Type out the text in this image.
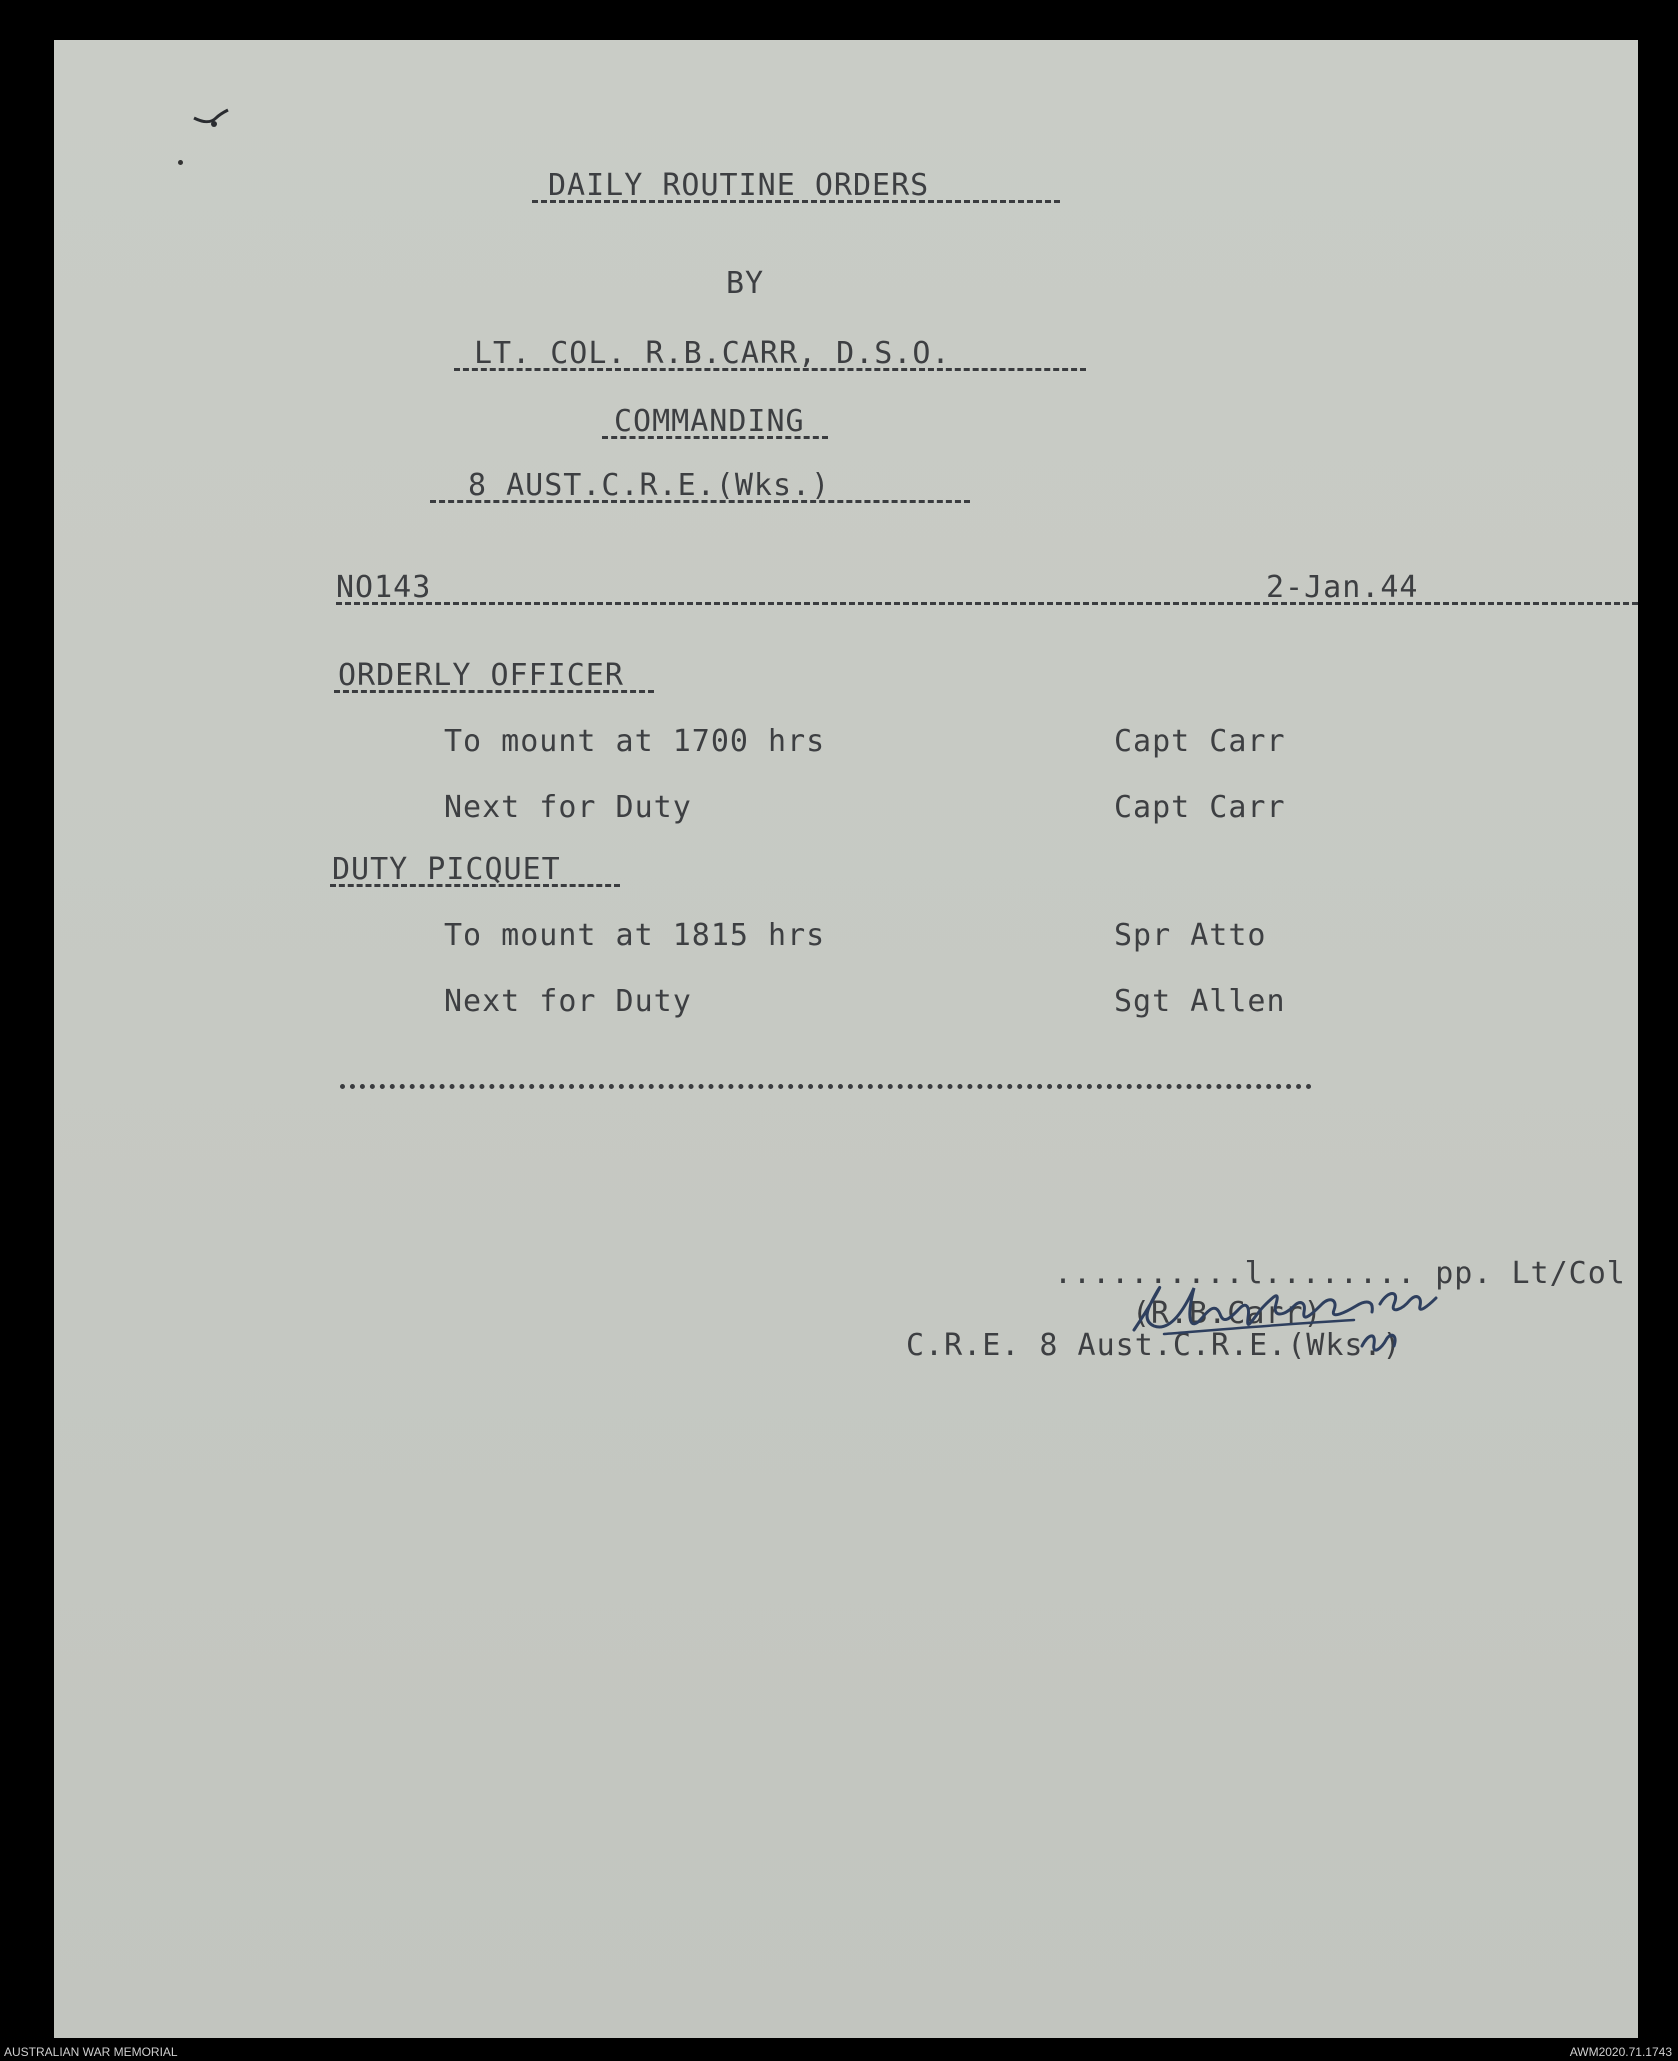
DAILY ROUTINE ORDERS
BY
LT. COL. R.B.CARR, D.S.O.
COMMANDING
8 AUST.C.R.E.(Wks.)
NO143	2-Jan.44
ORDERLY OFFICER
To mount at 1700 hrs	Capt Carr
Next for Duty	Capt Carr
DUTY PICQUET
To mount at 1815 hrs	Spr Atto
Next for Duty	Sgt Allen
..........l........ pp. Lt/Col
(R.B.Carr)
C.R.E. 8 Aust.C.R.E.(Wks.)
AUSTRALIAN WAR MEMORIAL	AWM2020.71.1743
